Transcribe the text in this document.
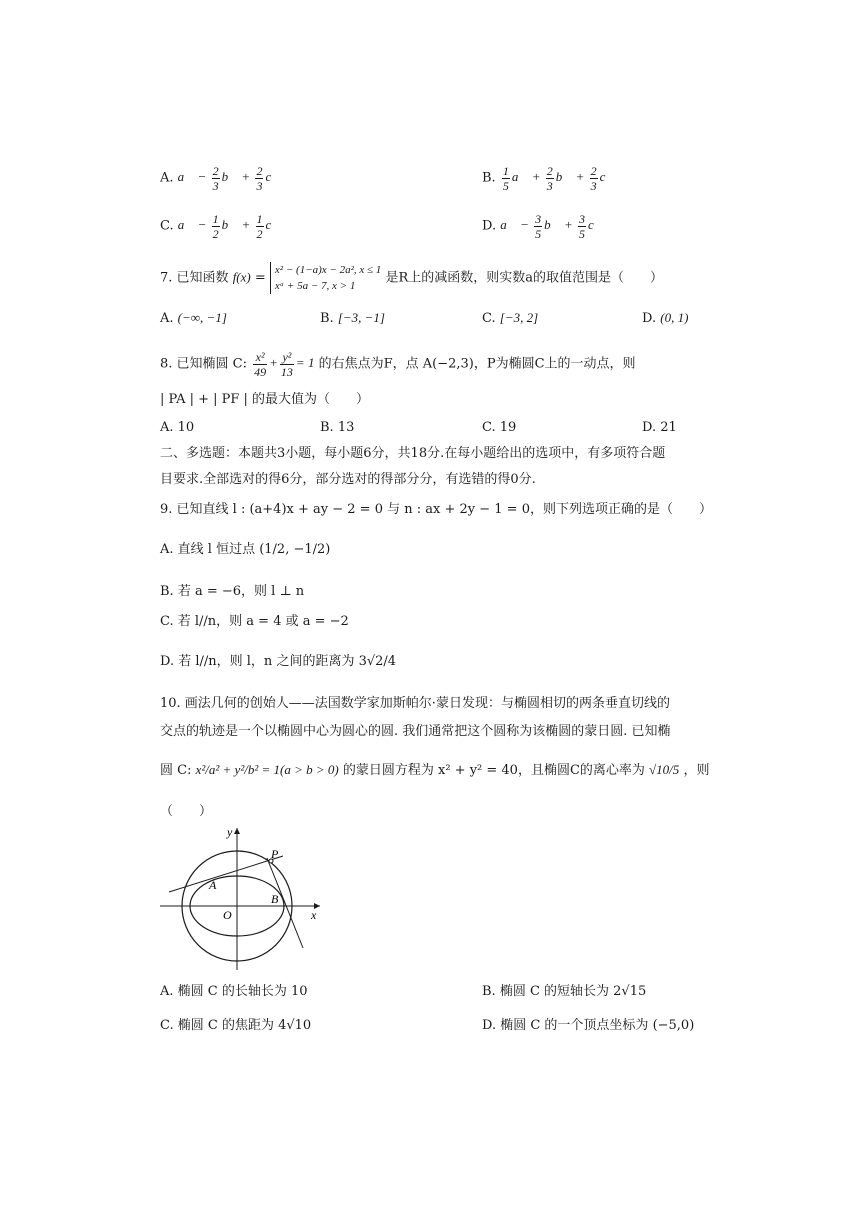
A. a⃗ − $\frac{2}{3}$ b⃗ + $\frac{2}{3}$ c⃗	B. $\frac{1}{5}$ a⃗ + $\frac{2}{3}$ b⃗ + $\frac{2}{3}$ c⃗
C. a⃗ − $\frac{1}{2}$ b⃗ + $\frac{1}{2}$ c⃗	D. a⃗ − $\frac{3}{5}$ b⃗ + $\frac{3}{5}$ c⃗
7. 已知函数 f(x) =
x² − (1−a)x − 2a², x ≤ 1
xᵃ + 5a − 7, x > 1
是R上的减函数，则实数a的取值范围是（　　）
A. (−∞, −1]	B. [−3, −1]	C. [−3, 2]	D. (0, 1)
8. 已知椭圆 C: $\frac{\text{x²}}{49} + \frac{\text{y²}}{13} = 1$ 的右焦点为F，点 A(−2,3)，P为椭圆C上的一动点，则
| PA | + | PF | 的最大值为（　　）
A. 10	B. 13	C. 19	D. 21
二、多选题：本题共3小题，每小题6分，共18分.在每小题给出的选项中，有多项符合题
目要求.全部选对的得6分，部分选对的得部分分，有选错的得0分.
9. 已知直线 l : (a+4)x + ay − 2 = 0 与 n : ax + 2y − 1 = 0，则下列选项正确的是（　　）
A. 直线 l 恒过点 (1/2, −1/2)
B. 若 a = −6，则 l ⊥ n
C. 若 l//n，则 a = 4 或 a = −2
D. 若 l//n，则 l，n 之间的距离为 3√2/4
10. 画法几何的创始人——法国数学家加斯帕尔·蒙日发现：与椭圆相切的两条垂直切线的
交点的轨迹是一个以椭圆中心为圆心的圆. 我们通常把这个圆称为该椭圆的蒙日圆. 已知椭
圆 C: x²/a² + y²/b² = 1(a > b > 0) 的蒙日圆方程为 x² + y² = 40，且椭圆C的离心率为 √10/5 ，则
（　　）
P
A
B
O	x
y
A. 椭圆 C 的长轴长为 10	B. 椭圆 C 的短轴长为 2√15
C. 椭圆 C 的焦距为 4√10	D. 椭圆 C 的一个顶点坐标为 (−5,0)
